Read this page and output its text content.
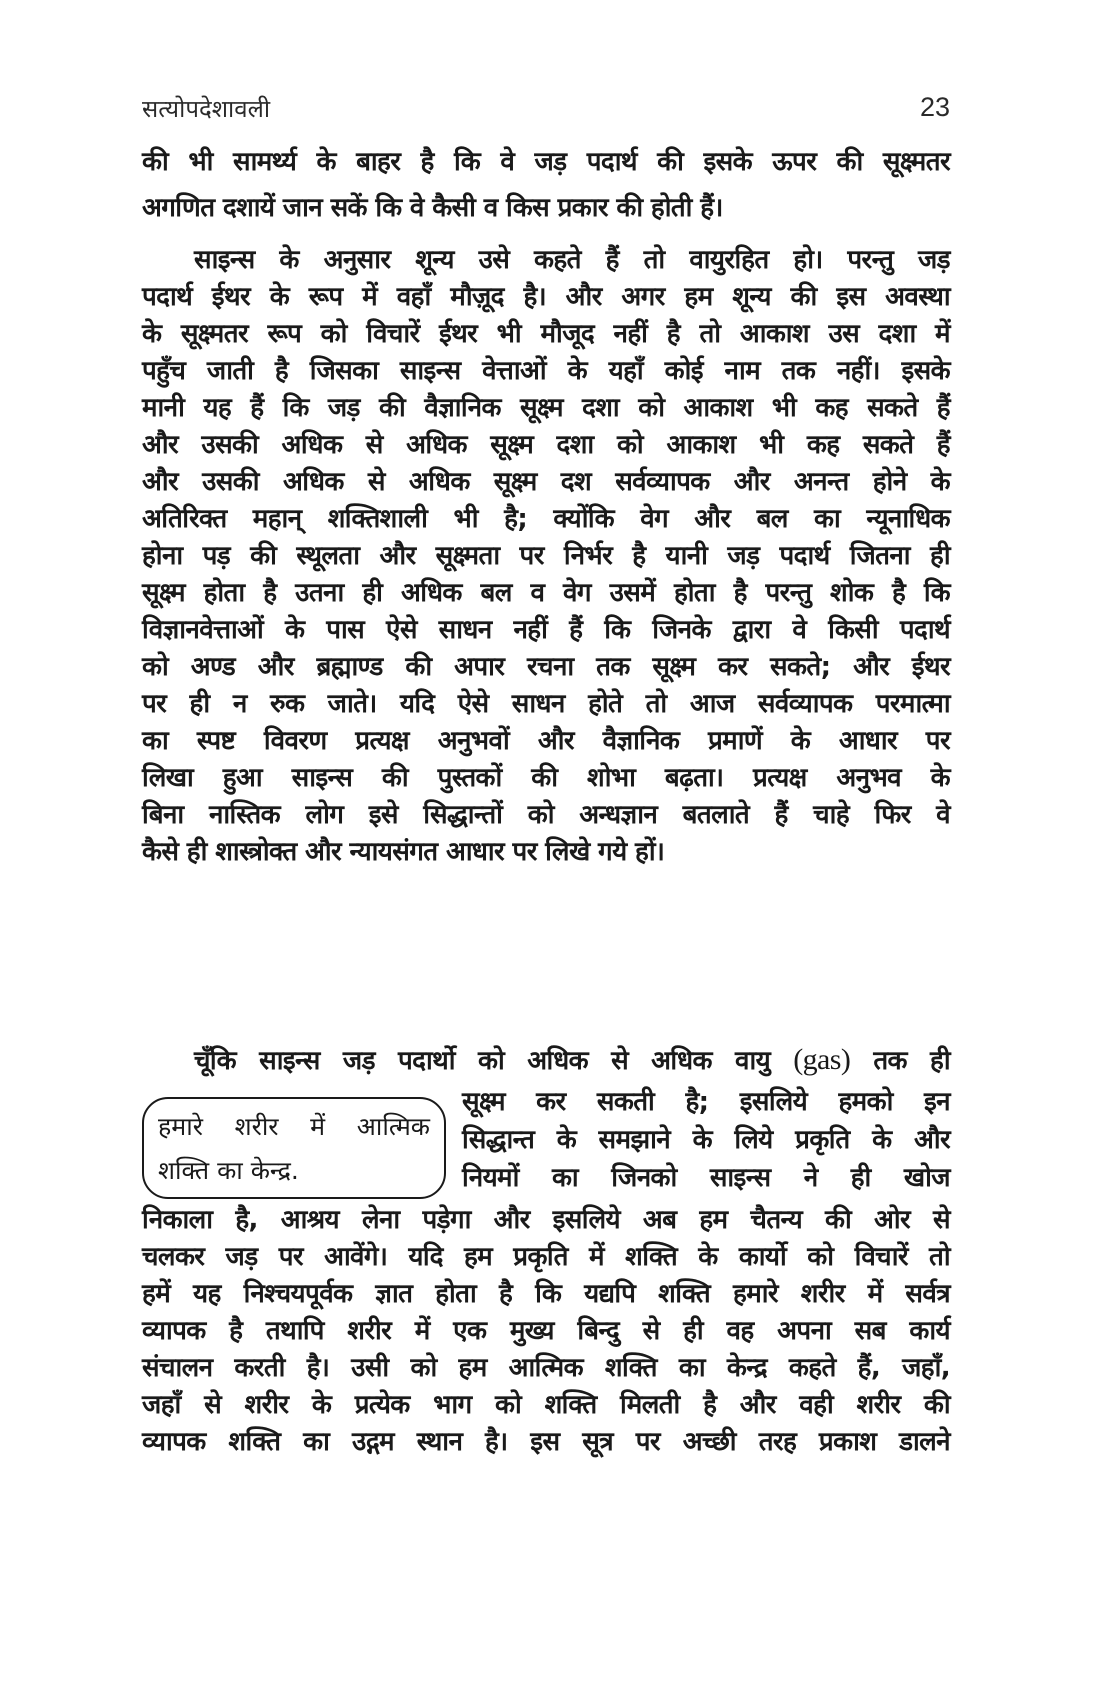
सत्योपदेशावली	23
की भी सामर्थ्य के बाहर है कि वे जड़ पदार्थ की इसके ऊपर की सूक्ष्मतर
अगणित दशायें जान सकें कि वे कैसी व किस प्रकार की होती हैं।
साइन्स के अनुसार शून्य उसे कहते हैं तो वायुरहित हो। परन्तु जड़
पदार्थ ईथर के रूप में वहाँ मौज़ूद है। और अगर हम शून्य की इस अवस्था
के सूक्ष्मतर रूप को विचारें ईथर भी मौजूद नहीं है तो आकाश उस दशा में
पहुँच जाती है जिसका साइन्स वेत्ताओं के यहाँ कोई नाम तक नहीं। इसके
मानी यह हैं कि जड़ की वैज्ञानिक सूक्ष्म दशा को आकाश भी कह सकते हैं
और उसकी अधिक से अधिक सूक्ष्म दशा को आकाश भी कह सकते हैं
और उसकी अधिक से अधिक सूक्ष्म दश सर्वव्यापक और अनन्त होने के
अतिरिक्त महान् शक्तिशाली भी है; क्योंकि वेग और बल का न्यूनाधिक
होना पड़ की स्थूलता और सूक्ष्मता पर निर्भर है यानी जड़ पदार्थ जितना ही
सूक्ष्म होता है उतना ही अधिक बल व वेग उसमें होता है परन्तु शोक है कि
विज्ञानवेत्ताओं के पास ऐसे साधन नहीं हैं कि जिनके द्वारा वे किसी पदार्थ
को अण्ड और ब्रह्माण्ड की अपार रचना तक सूक्ष्म कर सकते; और ईथर
पर ही न रुक जाते। यदि ऐसे साधन होते तो आज सर्वव्यापक परमात्मा
का स्पष्ट विवरण प्रत्यक्ष अनुभवों और वैज्ञानिक प्रमाणें के आधार पर
लिखा हुआ साइन्स की पुस्तकों की शोभा बढ़ता। प्रत्यक्ष अनुभव के
बिना नास्तिक लोग इसे सिद्धान्तों को अन्धज्ञान बतलाते हैं चाहे फिर वे
कैसे ही शास्त्रोक्त और न्यायसंगत आधार पर लिखे गये हों।
चूँकि साइन्स जड़ पदार्थो को अधिक से अधिक वायु (gas) तक ही
सूक्ष्म कर सकती है; इसलिये हमको इन
सिद्धान्त के समझाने के लिये प्रकृति के और
नियमों का जिनको साइन्स ने ही खोज
निकाला है, आश्रय लेना पड़ेगा और इसलिये अब हम चैतन्य की ओर से
चलकर जड़ पर आवेंगे। यदि हम प्रकृति में शक्ति के कार्यो को विचारें तो
हमें यह निश्चयपूर्वक ज्ञात होता है कि यद्यपि शक्ति हमारे शरीर में सर्वत्र
व्यापक है तथापि शरीर में एक मुख्य बिन्दु से ही वह अपना सब कार्य
संचालन करती है। उसी को हम आत्मिक शक्ति का केन्द्र कहते हैं, जहाँ,
जहाँ से शरीर के प्रत्येक भाग को शक्ति मिलती है और वही शरीर की
व्यापक शक्ति का उद्गम स्थान है। इस सूत्र पर अच्छी तरह प्रकाश डालने
हमारे शरीर में आत्मिक
शक्ति का केन्द्र.
